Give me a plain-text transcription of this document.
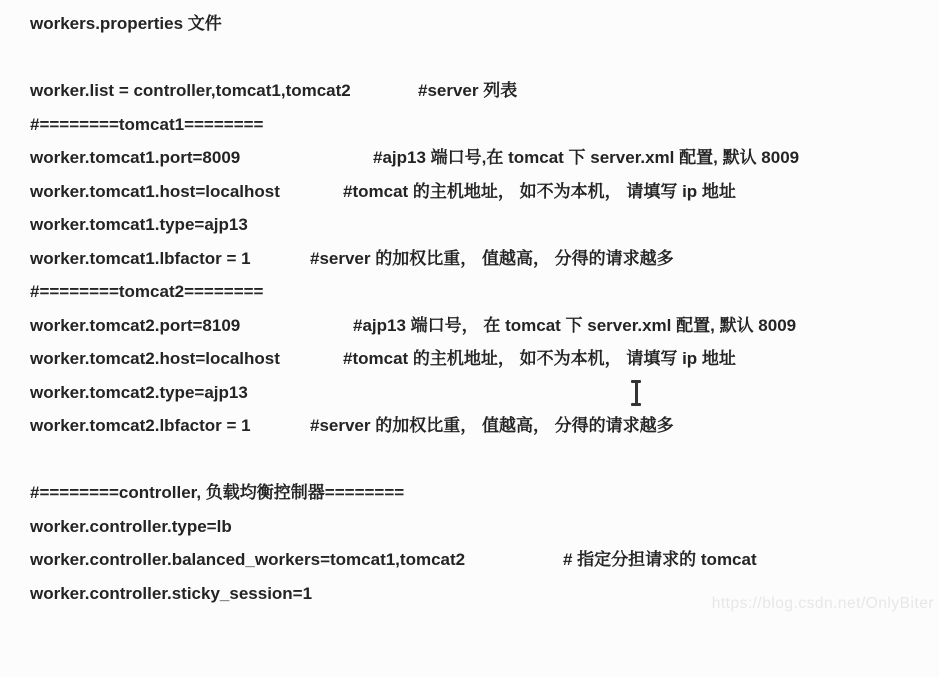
workers.properties 文件

worker.list = controller,tomcat1,tomcat2

	#server 列表

#========tomcat1========

worker.tomcat1.port=8009

	#ajp13 端口号,在 tomcat 下 server.xml 配置, 默认 8009

worker.tomcat1.host=localhost

	#tomcat 的主机地址， 如不为本机， 请填写 ip 地址

worker.tomcat1.type=ajp13

worker.tomcat1.lbfactor = 1

	#server 的加权比重， 值越高， 分得的请求越多

#========tomcat2========

worker.tomcat2.port=8109

	#ajp13 端口号， 在 tomcat 下 server.xml 配置, 默认 8009

worker.tomcat2.host=localhost

	#tomcat 的主机地址， 如不为本机， 请填写 ip 地址

worker.tomcat2.type=ajp13

worker.tomcat2.lbfactor = 1

	#server 的加权比重， 值越高， 分得的请求越多

#========controller, 负载均衡控制器========

worker.controller.type=lb

worker.controller.balanced_workers=tomcat1,tomcat2

	# 指定分担请求的 tomcat

worker.controller.sticky_session=1

https://blog.csdn.net/OnlyBiter
